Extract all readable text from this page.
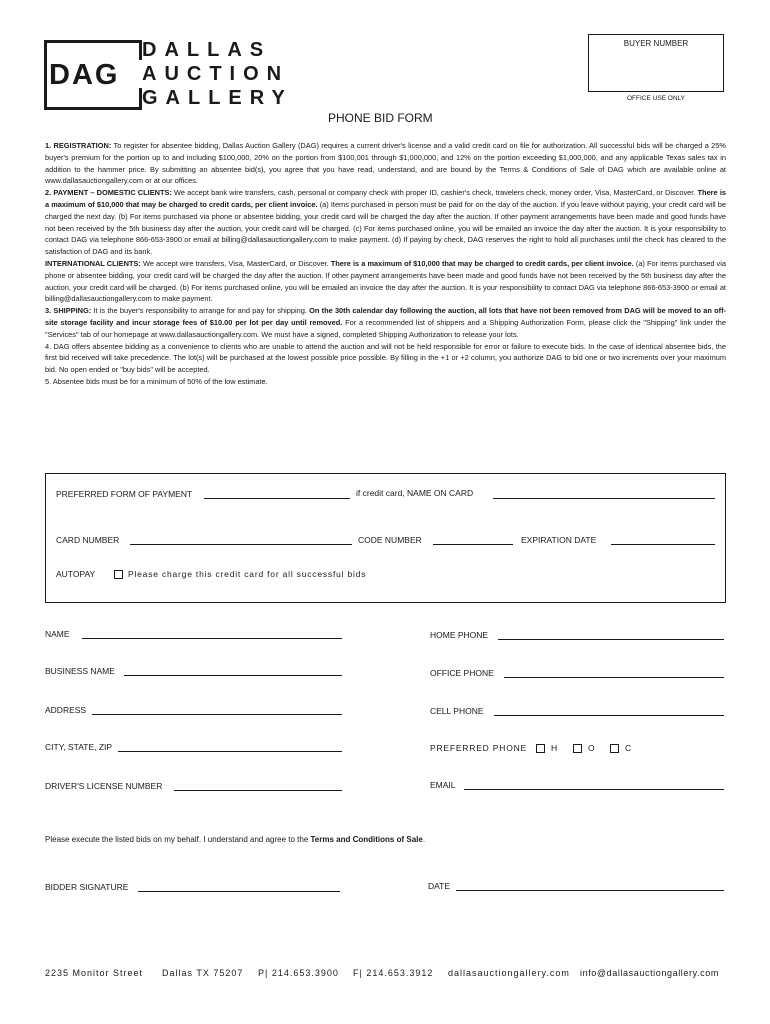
DAG
DALLAS
AUCTION
GALLERY
BUYER NUMBER
OFFICE USE ONLY
PHONE BID FORM

1. REGISTRATION: To register for absentee bidding, Dallas Auction Gallery (DAG) requires a current driver's license and a valid credit card on file for authorization. All successful bids will be charged a 25% buyer's premium for the portion up to and including $100,000, 20% on the portion from $100,001 through $1,000,000, and 12% on the portion exceeding $1,000,000, and any applicable Texas sales tax in addition to the hammer price. By submitting an absentee bid(s), you agree that you have read, understand, and are bound by the Terms & Conditions of Sale of DAG which are available online at www.dallasauctiongallery.com or at our offices.

2. PAYMENT – DOMESTIC CLIENTS: We accept bank wire transfers, cash, personal or company check with proper ID, cashier's check, travelers check, money order, Visa, MasterCard, or Discover. There is a maximum of $10,000 that may be charged to credit cards, per client invoice. (a) Items purchased in person must be paid for on the day of the auction. If you leave without paying, your credit card will be charged the next day. (b) For items purchased via phone or absentee bidding, your credit card will be charged the day after the auction. If other payment arrangements have been made and good funds have not been received by the 5th business day after the auction, your credit card will be charged. (c) For items purchased online, you will be emailed an invoice the day after the auction. It is your responsibility to contact DAG via telephone 866-653-3900 or email at billing@dallasauctiongallery.com to make payment. (d) If paying by check, DAG reserves the right to hold all purchases until the check has cleared to the satisfaction of DAG and its bank.

INTERNATIONAL CLIENTS: We accept wire transfers, Visa, MasterCard, or Discover. There is a maximum of $10,000 that may be charged to credit cards, per client invoice. (a) For items purchased via phone or absentee bidding, your credit card will be charged the day after the auction. If other payment arrangements have been made and good funds have not been received by the 5th business day after the auction, your credit card will be charged. (b) For items purchased online, you will be emailed an invoice the day after the auction. It is your responsibility to contact DAG via telephone 866-653-3900 or email at billing@dallasauctiongallery.com to make payment.

3. SHIPPING: It is the buyer's responsibility to arrange for and pay for shipping. On the 30th calendar day following the auction, all lots that have not been removed from DAG will be moved to an off-site storage facility and incur storage fees of $10.00 per lot per day until removed. For a recommended list of shippers and a Shipping Authorization Form, please click the "Shipping" link under the "Services" tab of our homepage at www.dallasauctiongallery.com. We must have a signed, completed Shipping Authorization to release your lots.

4. DAG offers absentee bidding as a convenience to clients who are unable to attend the auction and will not be held responsible for error or failure to execute bids. In the case of identical absentee bids, the first bid received will take precedence. The lot(s) will be purchased at the lowest possible price possible. By filling in the +1 or +2 column, you authorize DAG to bid one or two increments over your maximum bid. No open ended or "buy bids" will be accepted.

5. Absentee bids must be for a minimum of 50% of the low estimate.

PREFERRED FORM OF PAYMENT	if credit card, NAME ON CARD
CARD NUMBER	CODE NUMBER	EXPIRATION DATE
AUTOPAY	Please charge this credit card for all successful bids
NAME	HOME PHONE
BUSINESS NAME	OFFICE PHONE
ADDRESS	CELL PHONE
CITY, STATE, ZIP	PREFERRED PHONE	H	O	C
DRIVER'S LICENSE NUMBER	EMAIL
Please execute the listed bids on my behalf. I understand and agree to the Terms and Conditions of Sale.
BIDDER SIGNATURE	DATE
2235 Monitor Street Dallas TX 75207 P| 214.653.3900 F| 214.653.3912 dallasauctiongallery.com info@dallasauctiongallery.com
